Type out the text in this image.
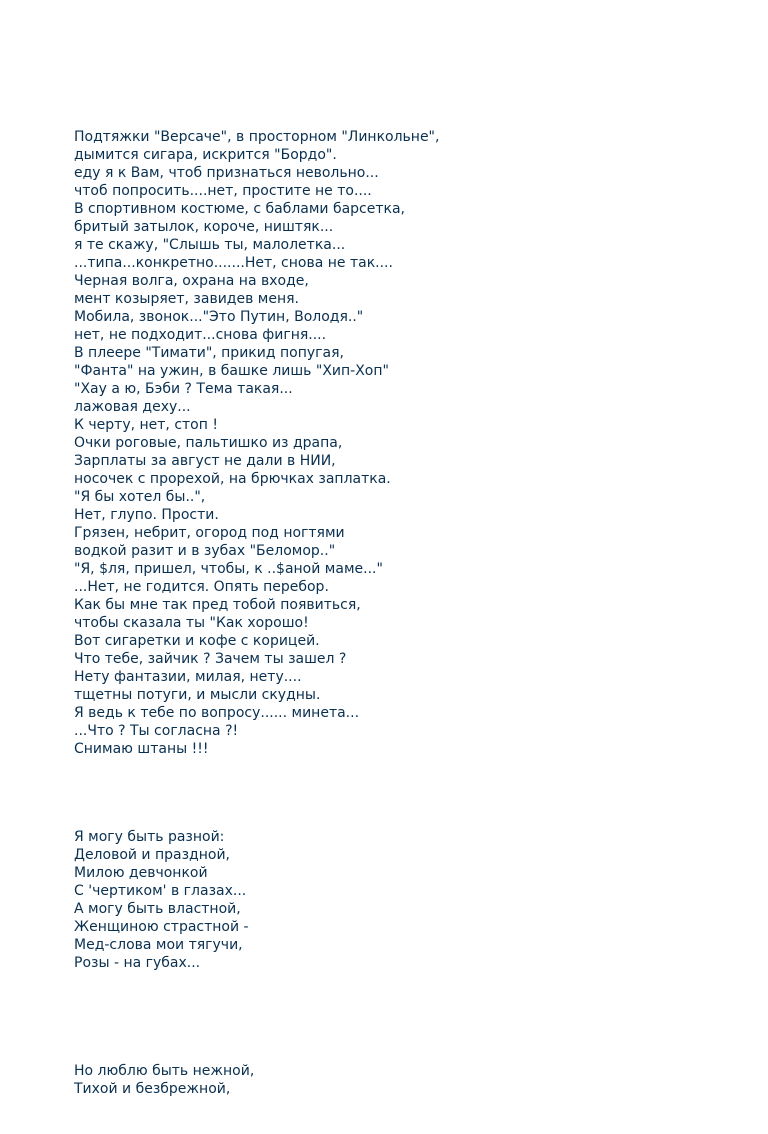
Подтяжки "Версаче", в просторном "Линкольне",
дымится сигара, искрится "Бордо".
еду я к Вам, чтоб признаться невольно...
чтоб попросить....нет, простите не то....
В спортивном костюме, с баблами барсетка,
бритый затылок, короче, ништяк...
я те скажу, "Слышь ты, малолетка...
...типа...конкретно.......Нет, снова не так....
Черная волга, охрана на входе,
мент козыряет, завидев меня.
Мобила, звонок..."Это Путин, Володя.."
нет, не подходит...снова фигня....
В плеере "Тимати", прикид попугая,
"Фанта" на ужин, в башке лишь "Хип-Хоп"
"Хау а ю, Бэби ? Тема такая...
лажовая деху...
К черту, нет, стоп !
Очки роговые, пальтишко из драпа,
Зарплаты за август не дали в НИИ,
носочек с прорехой, на брючках заплатка.
"Я бы хотел бы..",
Нет, глупо. Прости.
Грязен, небрит, огород под ногтями
водкой разит и в зубах "Беломор.."
"Я, $ля, пришел, чтобы, к ..$аной маме..."
...Нет, не годится. Опять перебор.
Как бы мне так пред тобой появиться,
чтобы сказала ты "Как хорошо!
Вот сигаретки и кофе с корицей.
Что тебе, зайчик ? Зачем ты зашел ?
Нету фантазии, милая, нету....
тщетны потуги, и мысли скудны.
Я ведь к тебе по вопросу...... минета...
...Что ? Ты согласна ?!
Снимаю штаны !!!

Я могу быть разной:
Деловой и праздной,
Милою девчонкой
С 'чертиком' в глазах...
А могу быть властной,
Женщиною страстной -
Мед-слова мои тягучи,
Розы - на губах...

Но люблю быть нежной,
Тихой и безбрежной,
